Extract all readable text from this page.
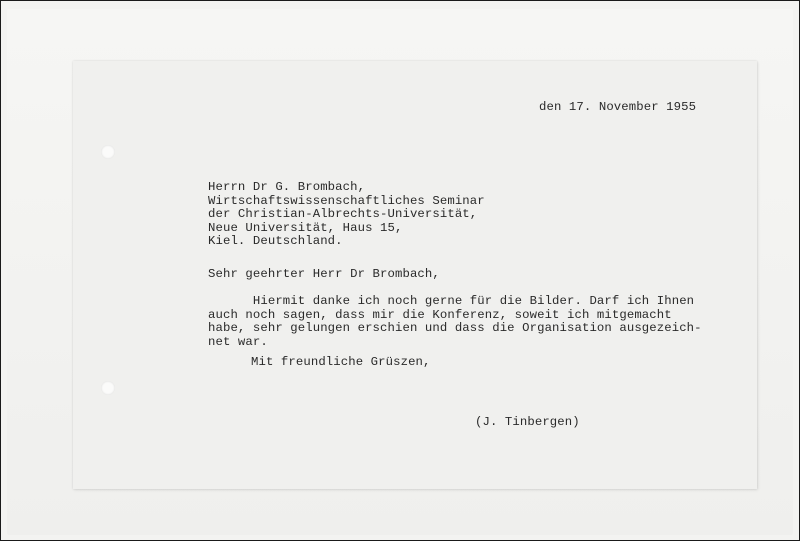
den 17. November 1955
Herrn Dr G. Brombach,
Wirtschaftswissenschaftliches Seminar
der Christian-Albrechts-Universität,
Neue Universität, Haus 15,
Kiel. Deutschland.
Sehr geehrter Herr Dr Brombach,
Hiermit danke ich noch gerne für die Bilder. Darf ich Ihnen
auch noch sagen, dass mir die Konferenz, soweit ich mitgemacht
habe, sehr gelungen erschien und dass die Organisation ausgezeich-
net war.
Mit freundliche Grüszen,
(J. Tinbergen)
